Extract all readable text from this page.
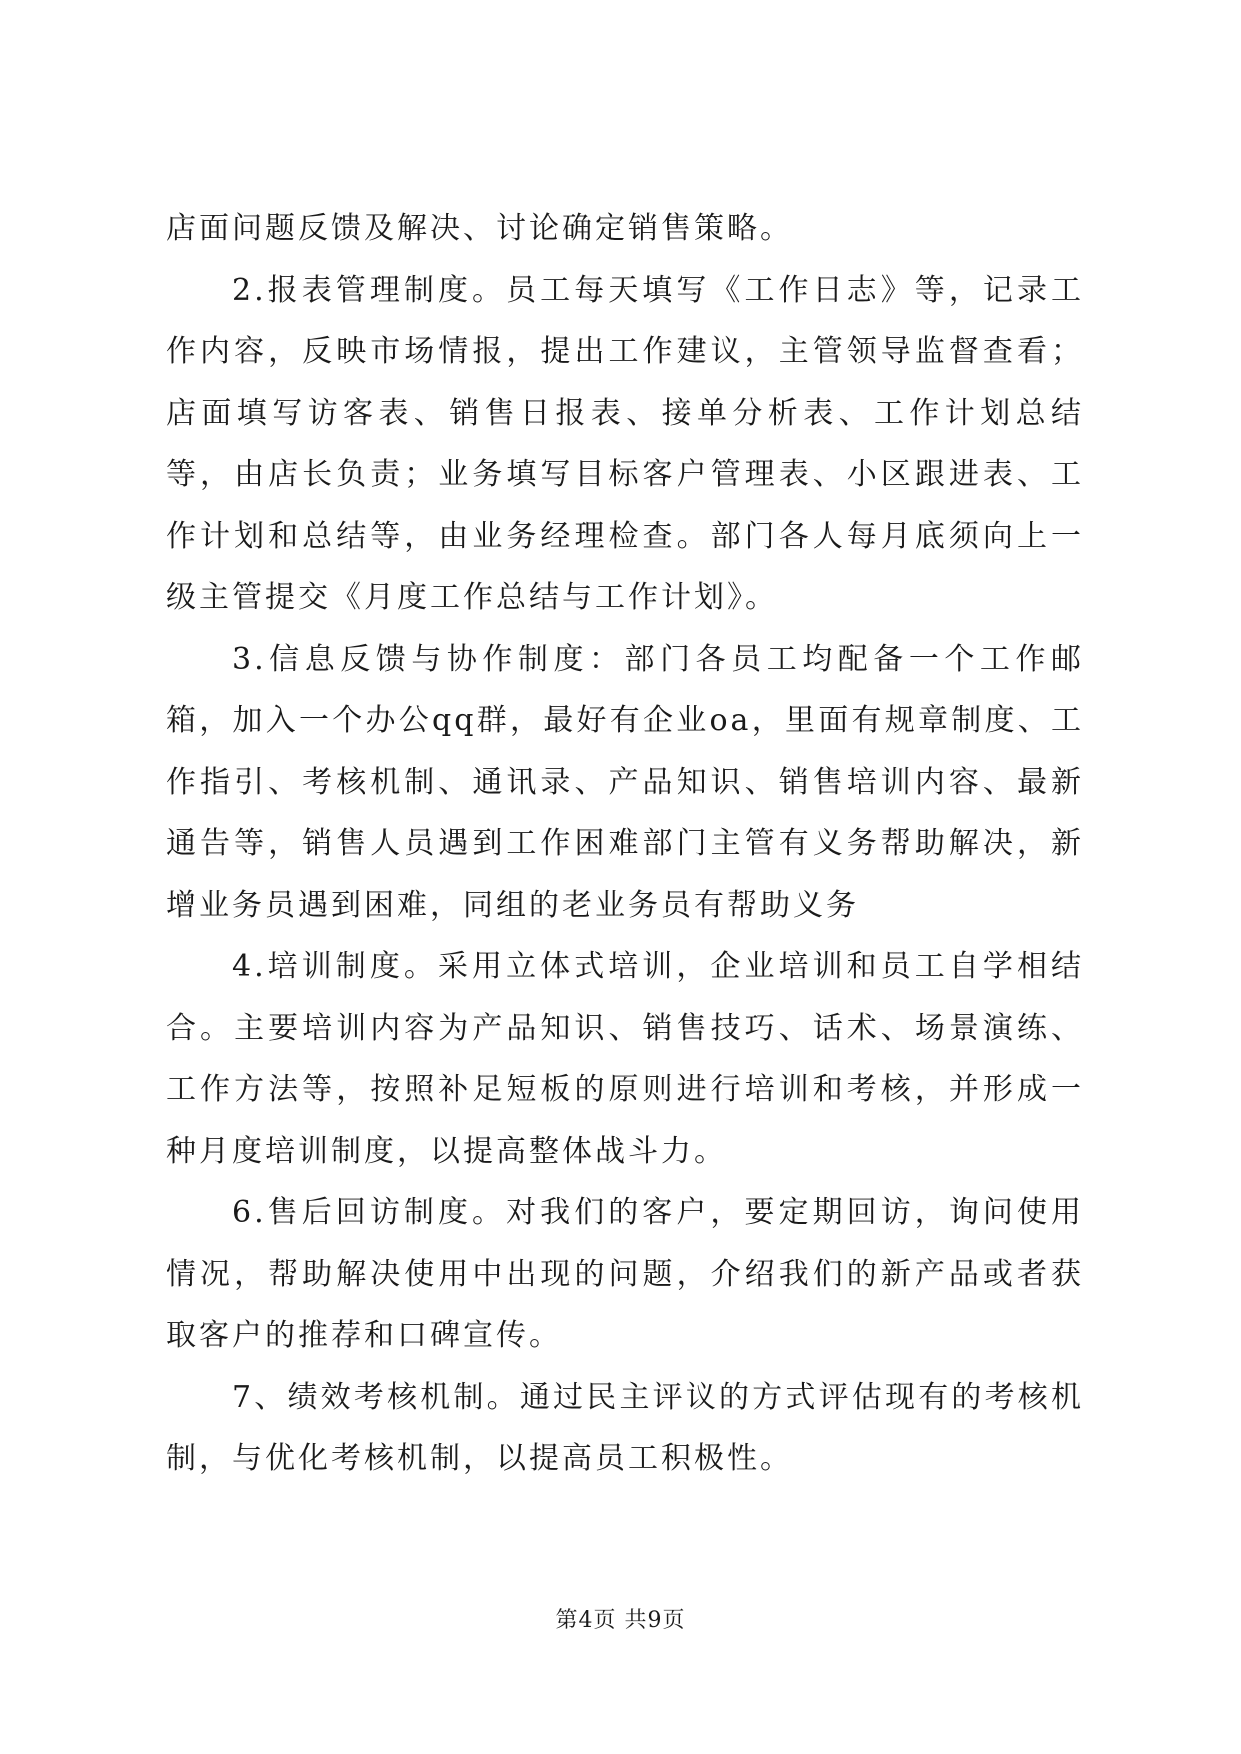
店面问题反馈及解决、讨论确定销售策略。

2.报表管理制度。员工每天填写《工作日志》等，记录工作内容，反映市场情报，提出工作建议，主管领导监督查看；店面填写访客表、销售日报表、接单分析表、工作计划总结等，由店长负责；业务填写目标客户管理表、小区跟进表、工作计划和总结等，由业务经理检查。部门各人每月底须向上一级主管提交《月度工作总结与工作计划》。

3.信息反馈与协作制度：部门各员工均配备一个工作邮箱，加入一个办公qq群，最好有企业oa，里面有规章制度、工作指引、考核机制、通讯录、产品知识、销售培训内容、最新通告等，销售人员遇到工作困难部门主管有义务帮助解决，新增业务员遇到困难，同组的老业务员有帮助义务

4.培训制度。采用立体式培训，企业培训和员工自学相结合。主要培训内容为产品知识、销售技巧、话术、场景演练、工作方法等，按照补足短板的原则进行培训和考核，并形成一种月度培训制度，以提高整体战斗力。

6.售后回访制度。对我们的客户，要定期回访，询问使用情况，帮助解决使用中出现的问题，介绍我们的新产品或者获取客户的推荐和口碑宣传。

7、绩效考核机制。通过民主评议的方式评估现有的考核机制，与优化考核机制，以提高员工积极性。

第4页 共9页
